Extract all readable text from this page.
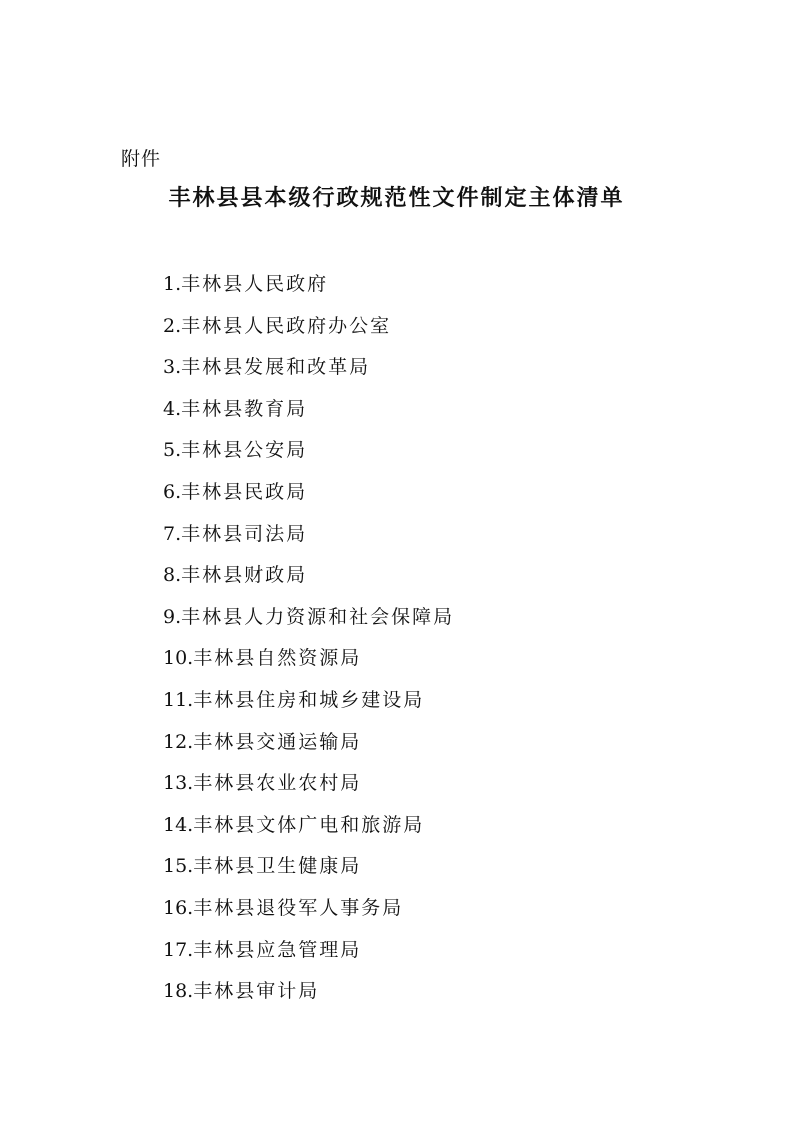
附件
丰林县县本级行政规范性文件制定主体清单
1.丰林县人民政府
2.丰林县人民政府办公室
3.丰林县发展和改革局
4.丰林县教育局
5.丰林县公安局
6.丰林县民政局
7.丰林县司法局
8.丰林县财政局
9.丰林县人力资源和社会保障局
10.丰林县自然资源局
11.丰林县住房和城乡建设局
12.丰林县交通运输局
13.丰林县农业农村局
14.丰林县文体广电和旅游局
15.丰林县卫生健康局
16.丰林县退役军人事务局
17.丰林县应急管理局
18.丰林县审计局
